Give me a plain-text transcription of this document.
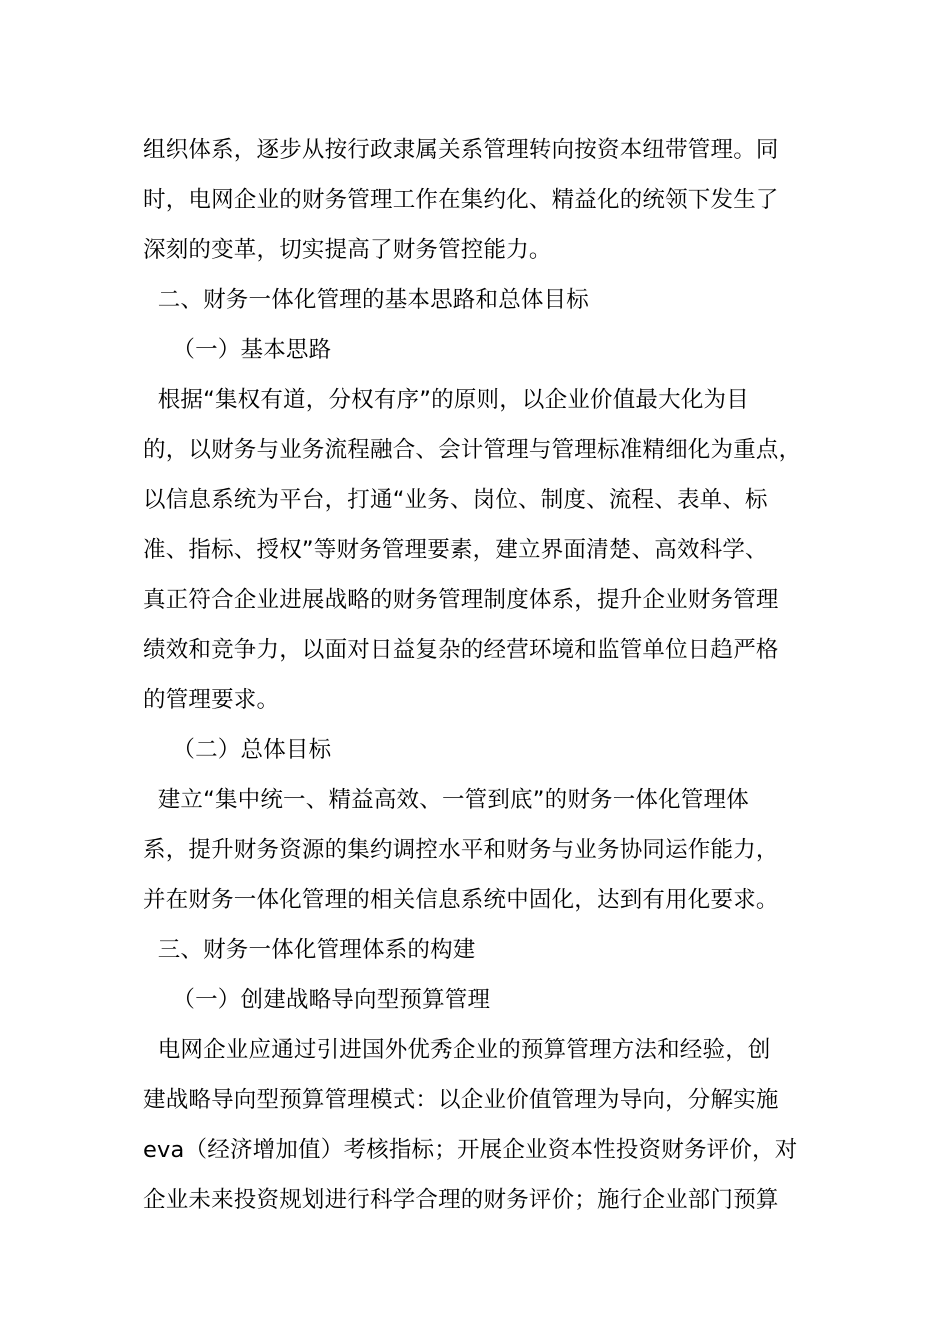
组织体系，逐步从按行政隶属关系管理转向按资本纽带管理。同
时，电网企业的财务管理工作在集约化、精益化的统领下发生了
深刻的变革，切实提高了财务管控能力。
二、财务一体化管理的基本思路和总体目标
（一）基本思路
根据“集权有道，分权有序”的原则，以企业价值最大化为目
的，以财务与业务流程融合、会计管理与管理标准精细化为重点，
以信息系统为平台，打通“业务、岗位、制度、流程、表单、标
准、指标、授权”等财务管理要素，建立界面清楚、高效科学、
真正符合企业进展战略的财务管理制度体系，提升企业财务管理
绩效和竞争力，以面对日益复杂的经营环境和监管单位日趋严格
的管理要求。
（二）总体目标
建立“集中统一、精益高效、一管到底”的财务一体化管理体
系，提升财务资源的集约调控水平和财务与业务协同运作能力，
并在财务一体化管理的相关信息系统中固化，达到有用化要求。
三、财务一体化管理体系的构建
（一）创建战略导向型预算管理
电网企业应通过引进国外优秀企业的预算管理方法和经验，创
建战略导向型预算管理模式：以企业价值管理为导向，分解实施
eva（经济增加值）考核指标；开展企业资本性投资财务评价，对
企业未来投资规划进行科学合理的财务评价；施行企业部门预算
